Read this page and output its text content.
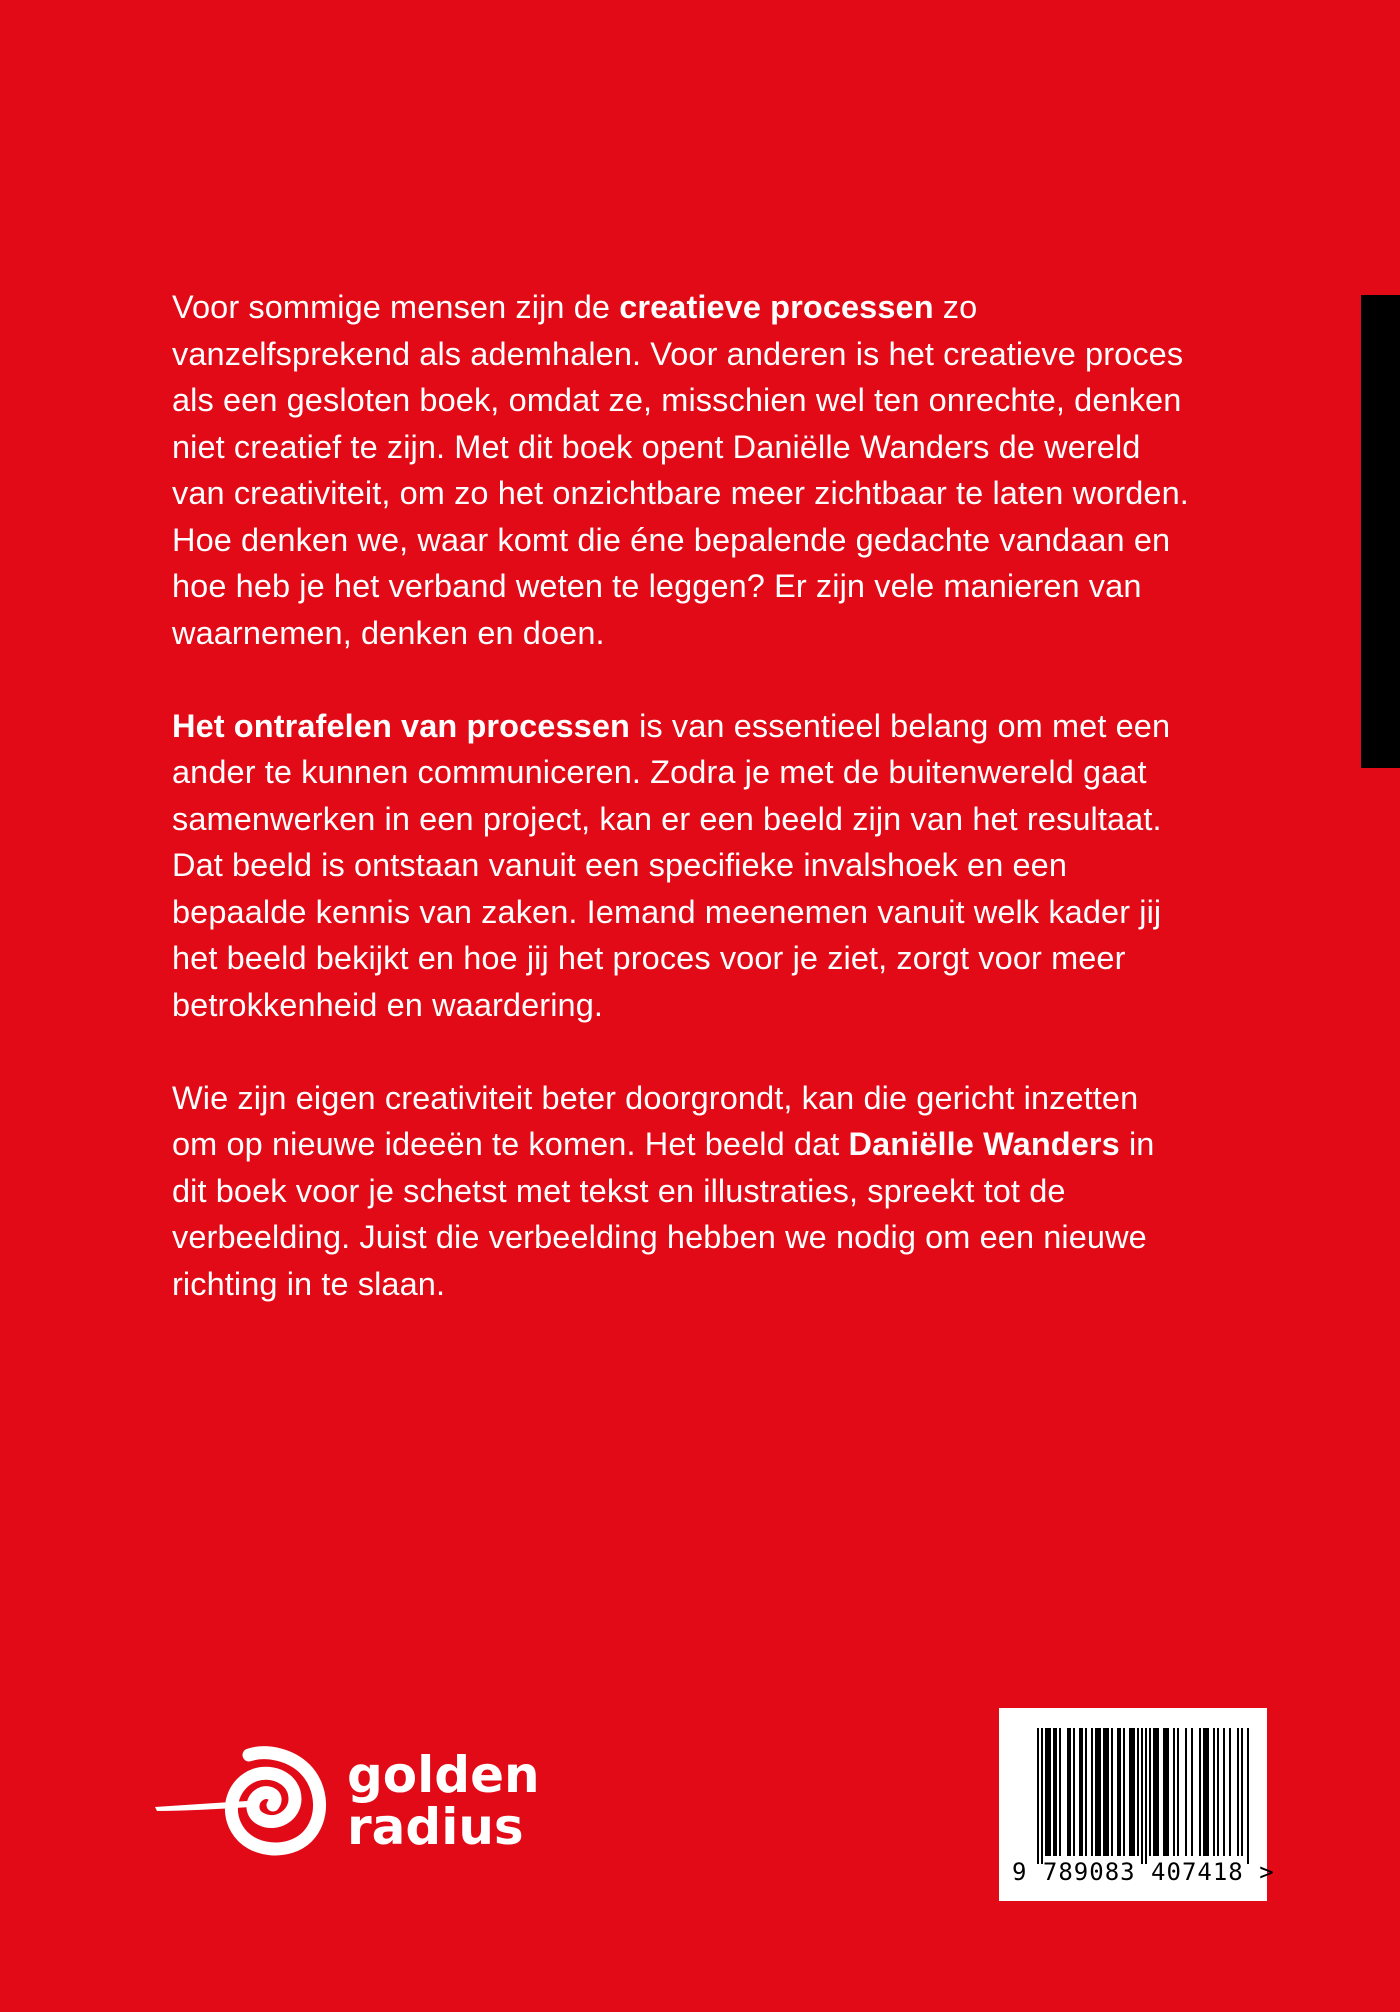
Voor sommige mensen zijn de creatieve processen zo vanzelfsprekend als ademhalen. Voor anderen is het creatieve proces als een gesloten boek, omdat ze, misschien wel ten onrechte, denken niet creatief te zijn. Met dit boek opent Daniëlle Wanders de wereld van creativiteit, om zo het onzichtbare meer zichtbaar te laten worden. Hoe denken we, waar komt die éne bepalende gedachte vandaan en hoe heb je het verband weten te leggen? Er zijn vele manieren van waarnemen, denken en doen.

Het ontrafelen van processen is van essentieel belang om met een ander te kunnen communiceren. Zodra je met de buitenwereld gaat samenwerken in een project, kan er een beeld zijn van het resultaat. Dat beeld is ontstaan vanuit een specifieke invalshoek en een bepaalde kennis van zaken. Iemand meenemen vanuit welk kader jij het beeld bekijkt en hoe jij het proces voor je ziet, zorgt voor meer betrokkenheid en waardering.

Wie zijn eigen creativiteit beter doorgrondt, kan die gericht inzetten om op nieuwe ideeën te komen. Het beeld dat Daniëlle Wanders in dit boek voor je schetst met tekst en illustraties, spreekt tot de verbeelding. Juist die verbeelding hebben we nodig om een nieuwe richting in te slaan.

golden
radius
9 789083 407418 >
